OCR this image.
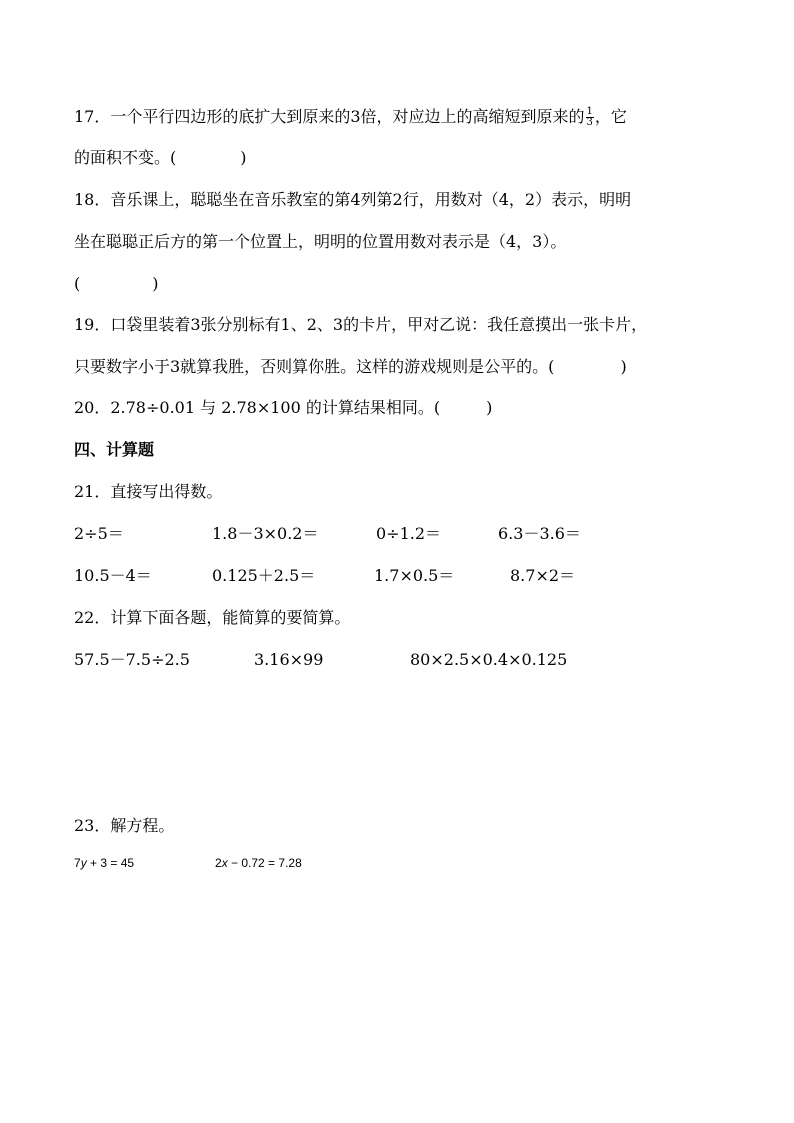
17．一个平行四边形的底扩大到原来的3倍，对应边上的高缩短到原来的 $\frac{1}{3}$ ，它
的面积不变。(	)
18．音乐课上，聪聪坐在音乐教室的第4列第2行，用数对（4，2）表示，明明
坐在聪聪正后方的第一个位置上，明明的位置用数对表示是（4，3）。
(	)
19．口袋里装着3张分别标有1、2、3的卡片，甲对乙说：我任意摸出一张卡片，
只要数字小于3就算我胜，否则算你胜。这样的游戏规则是公平的。(	)
20．2.78÷0.01 与 2.78×100 的计算结果相同。(	)
四、计算题
21．直接写出得数。
2÷5＝	1.8－3×0.2＝	0÷1.2＝	6.3－3.6＝
10.5－4＝	0.125＋2.5＝	1.7×0.5＝	8.7×2＝
22．计算下面各题，能简算的要简算。
57.5－7.5÷2.5	3.16×99	80×2.5×0.4×0.125
23．解方程。
7y + 3 = 45	2x − 0.72 = 7.28
